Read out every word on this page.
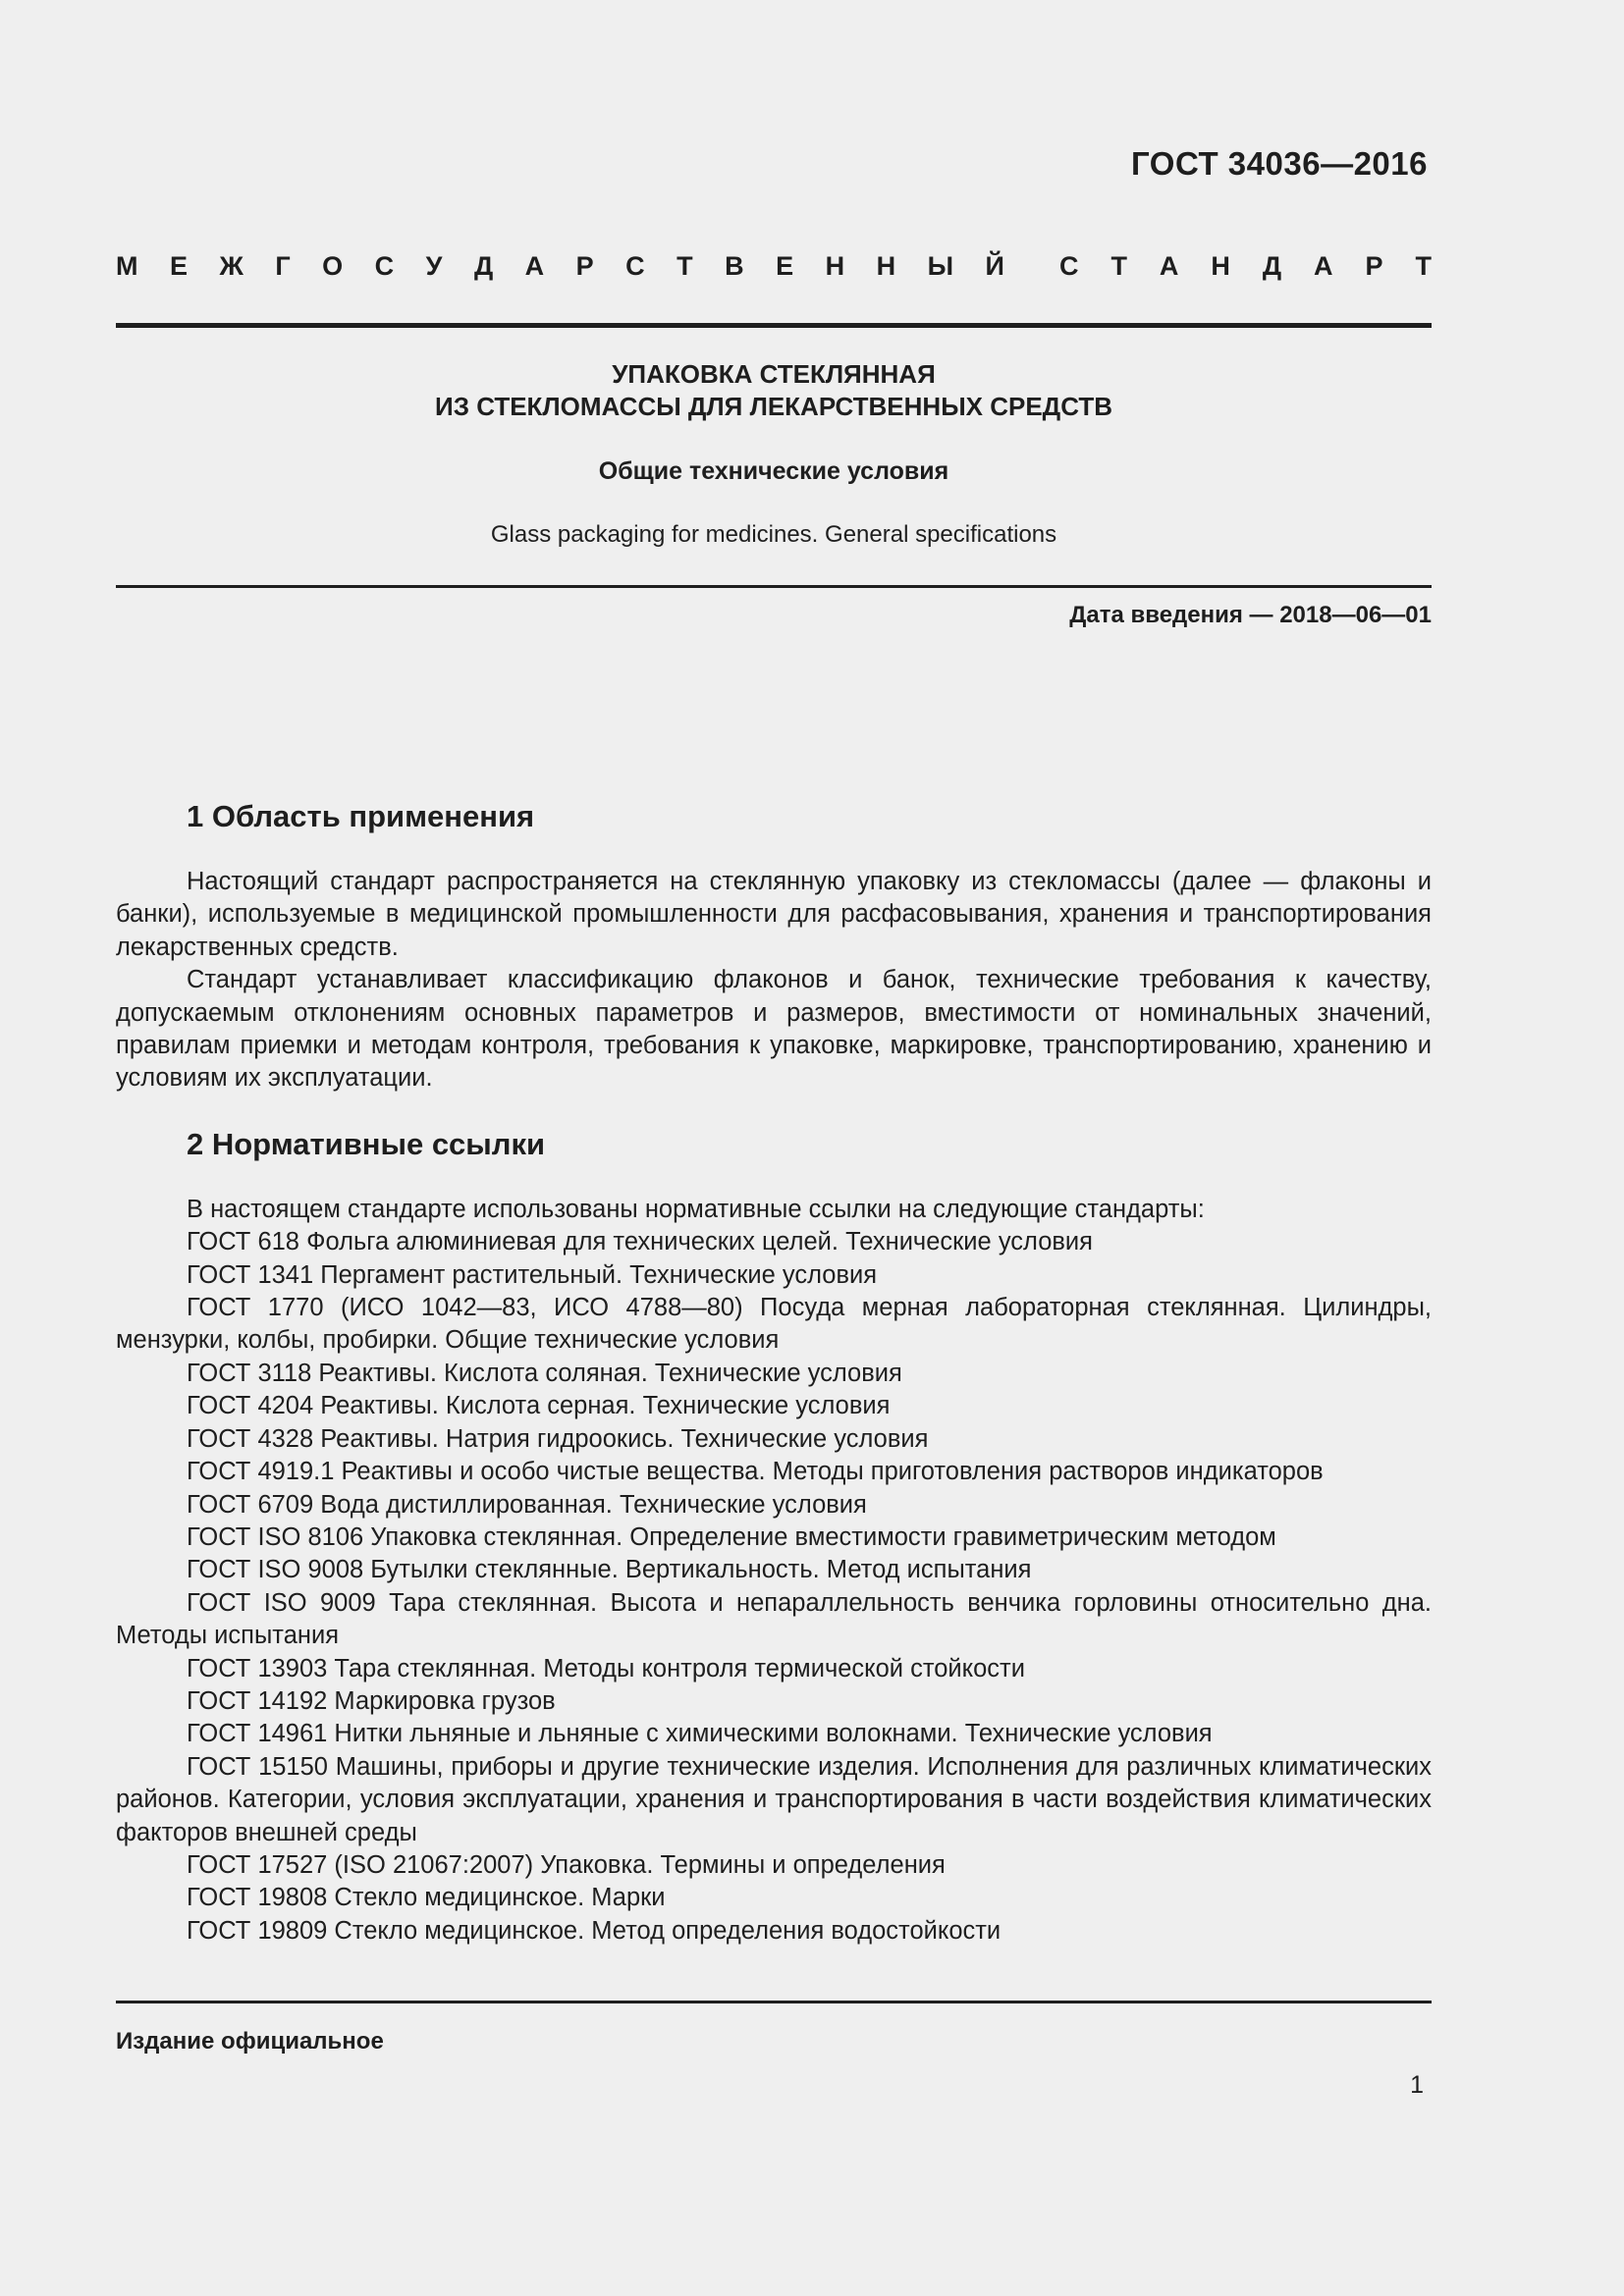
ГОСТ 34036—2016
М Е Ж Г О С У Д А Р С Т В Е Н Н Ы Й С Т А Н Д А Р Т
УПАКОВКА СТЕКЛЯННАЯ
ИЗ СТЕКЛОМАССЫ ДЛЯ ЛЕКАРСТВЕННЫХ СРЕДСТВ
Общие технические условия
Glass packaging for medicines. General specifications
Дата введения — 2018—06—01
1 Область применения

Настоящий стандарт распространяется на стеклянную упаковку из стекломассы (далее — флаконы и банки), используемые в медицинской промышленности для расфасовывания, хранения и транспортирования лекарственных средств.

Стандарт устанавливает классификацию флаконов и банок, технические требования к качеству, допускаемым отклонениям основных параметров и размеров, вместимости от номинальных значений, правилам приемки и методам контроля, требования к упаковке, маркировке, транспортированию, хранению и условиям их эксплуатации.

2 Нормативные ссылки

В настоящем стандарте использованы нормативные ссылки на следующие стандарты:

ГОСТ 618 Фольга алюминиевая для технических целей. Технические условия

ГОСТ 1341 Пергамент растительный. Технические условия

ГОСТ 1770 (ИСО 1042—83, ИСО 4788—80) Посуда мерная лабораторная стеклянная. Цилиндры, мензурки, колбы, пробирки. Общие технические условия

ГОСТ 3118 Реактивы. Кислота соляная. Технические условия

ГОСТ 4204 Реактивы. Кислота серная. Технические условия

ГОСТ 4328 Реактивы. Натрия гидроокись. Технические условия

ГОСТ 4919.1 Реактивы и особо чистые вещества. Методы приготовления растворов индикаторов

ГОСТ 6709 Вода дистиллированная. Технические условия

ГОСТ ISO 8106 Упаковка стеклянная. Определение вместимости гравиметрическим методом

ГОСТ ISO 9008 Бутылки стеклянные. Вертикальность. Метод испытания

ГОСТ ISO 9009 Тара стеклянная. Высота и непараллельность венчика горловины относительно дна. Методы испытания

ГОСТ 13903 Тара стеклянная. Методы контроля термической стойкости

ГОСТ 14192 Маркировка грузов

ГОСТ 14961 Нитки льняные и льняные с химическими волокнами. Технические условия

ГОСТ 15150 Машины, приборы и другие технические изделия. Исполнения для различных климатических районов. Категории, условия эксплуатации, хранения и транспортирования в части воздействия климатических факторов внешней среды

ГОСТ 17527 (ISO 21067:2007) Упаковка. Термины и определения

ГОСТ 19808 Стекло медицинское. Марки

ГОСТ 19809 Стекло медицинское. Метод определения водостойкости

Издание официальное
1
